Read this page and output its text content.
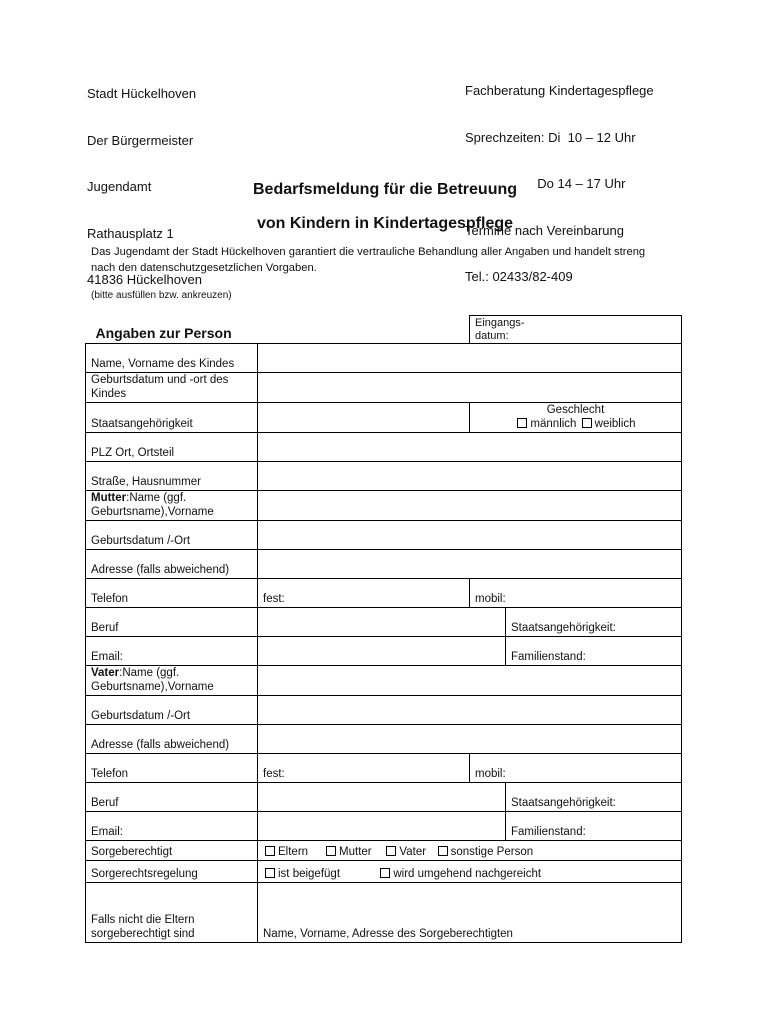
Stadt Hückelhoven

Der Bürgermeister

Jugendamt

Rathausplatz 1

41836 Hückelhoven

Fachberatung Kindertagespflege

Sprechzeiten: Di  10 – 12 Uhr

Do 14 – 17 Uhr

Termine nach Vereinbarung

Tel.: 02433/82-409

Bedarfsmeldung für die Betreuung
von Kindern in Kindertagespflege
Das Jugendamt der Stadt Hückelhoven garantiert die vertrauliche Behandlung aller Angaben und handelt streng nach den datenschutzgesetzlichen Vorgaben.
(bitte ausfüllen bzw. ankreuzen)
Angaben zur Person		Eingangs-
datum:	
Name, Vorname des Kindes			
Geburtsdatum und -ort des Kindes			
Staatsangehörigkeit		Geschlecht
männlich weiblich	
PLZ Ort, Ortsteil			
Straße, Hausnummer			
Mutter:Name (ggf. Geburtsname),Vorname			
Geburtsdatum /-Ort			
Adresse (falls abweichend)			
Telefon	fest:	mobil:	
Beruf			Staatsangehörigkeit:
Email:			Familienstand:
Vater:Name (ggf. Geburtsname),Vorname			
Geburtsdatum /-Ort			
Adresse (falls abweichend)			
Telefon	fest:	mobil:	
Beruf			Staatsangehörigkeit:
Email:			Familienstand:
Sorgeberechtigt	Eltern Mutter Vater sonstige Person		
Sorgerechtsregelung	ist beigefügt wird umgehend nachgereicht		
Falls nicht die Eltern sorgeberechtigt sind	Name, Vorname, Adresse des Sorgeberechtigten		
